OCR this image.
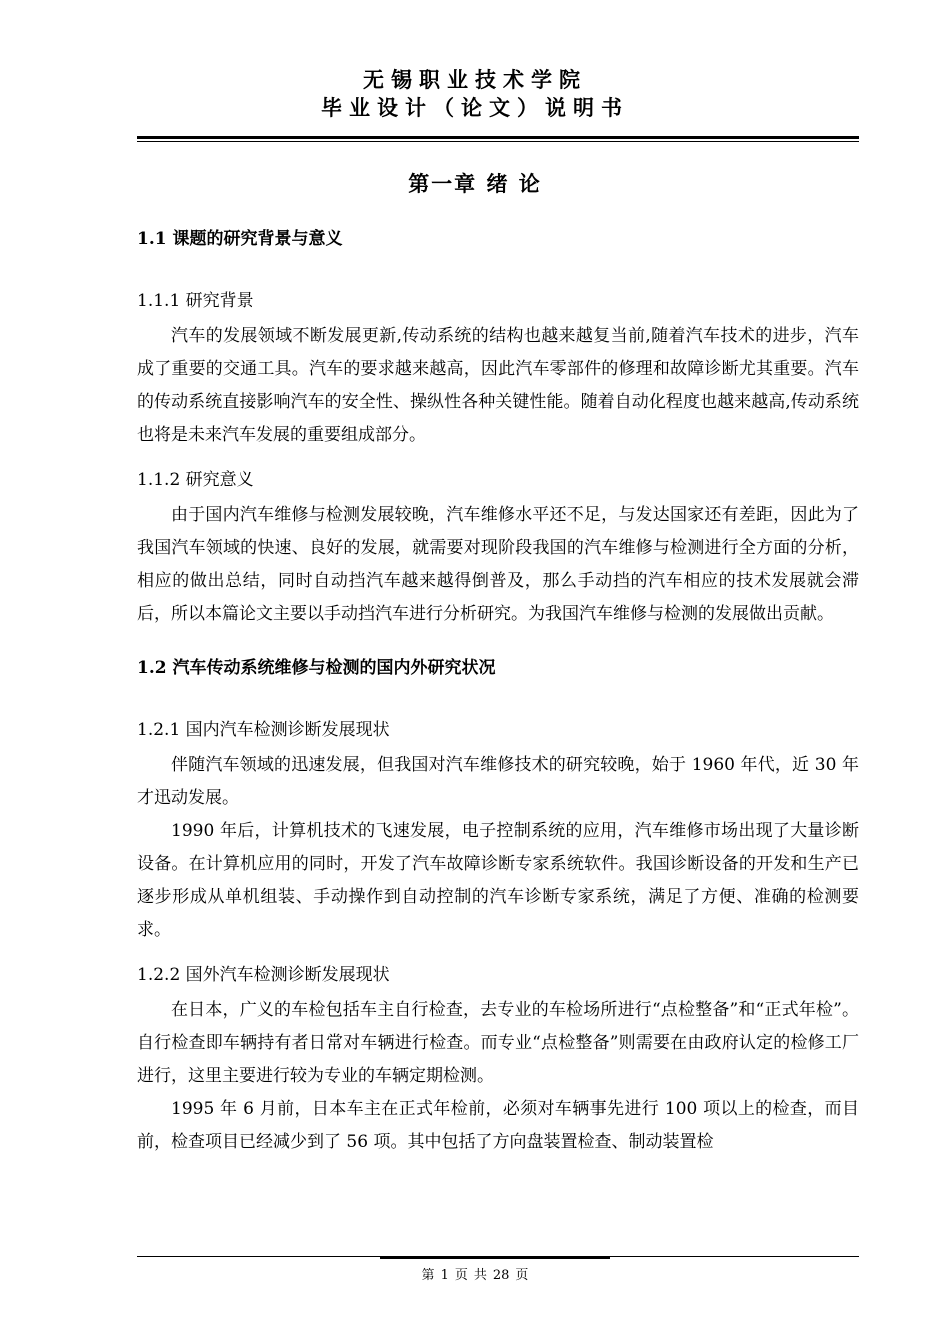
无锡职业技术学院
毕业设计（论文）说明书
第一章 绪 论
1.1 课题的研究背景与意义
1.1.1 研究背景

汽车的发展领域不断发展更新,传动系统的结构也越来越复当前,随着汽车技术的进步，汽车成了重要的交通工具。汽车的要求越来越高，因此汽车零部件的修理和故障诊断尤其重要。汽车的传动系统直接影响汽车的安全性、操纵性各种关键性能。随着自动化程度也越来越高,传动系统也将是未来汽车发展的重要组成部分。

1.1.2 研究意义

由于国内汽车维修与检测发展较晚，汽车维修水平还不足，与发达国家还有差距，因此为了我国汽车领域的快速、良好的发展，就需要对现阶段我国的汽车维修与检测进行全方面的分析，相应的做出总结，同时自动挡汽车越来越得倒普及，那么手动挡的汽车相应的技术发展就会滞后，所以本篇论文主要以手动挡汽车进行分析研究。为我国汽车维修与检测的发展做出贡献。

1.2 汽车传动系统维修与检测的国内外研究状况
1.2.1 国内汽车检测诊断发展现状

伴随汽车领域的迅速发展，但我国对汽车维修技术的研究较晚，始于 1960 年代，近 30 年才迅动发展。

1990 年后，计算机技术的飞速发展，电子控制系统的应用，汽车维修市场出现了大量诊断设备。在计算机应用的同时，开发了汽车故障诊断专家系统软件。我国诊断设备的开发和生产已逐步形成从单机组装、手动操作到自动控制的汽车诊断专家系统，满足了方便、准确的检测要求。

1.2.2 国外汽车检测诊断发展现状

在日本，广义的车检包括车主自行检查，去专业的车检场所进行“点检整备”和“正式年检”。自行检查即车辆持有者日常对车辆进行检查。而专业“点检整备”则需要在由政府认定的检修工厂进行，这里主要进行较为专业的车辆定期检测。

1995 年 6 月前，日本车主在正式年检前，必须对车辆事先进行 100 项以上的检查，而目前，检查项目已经减少到了 56 项。其中包括了方向盘装置检查、制动装置检

第 1 页 共 28 页
